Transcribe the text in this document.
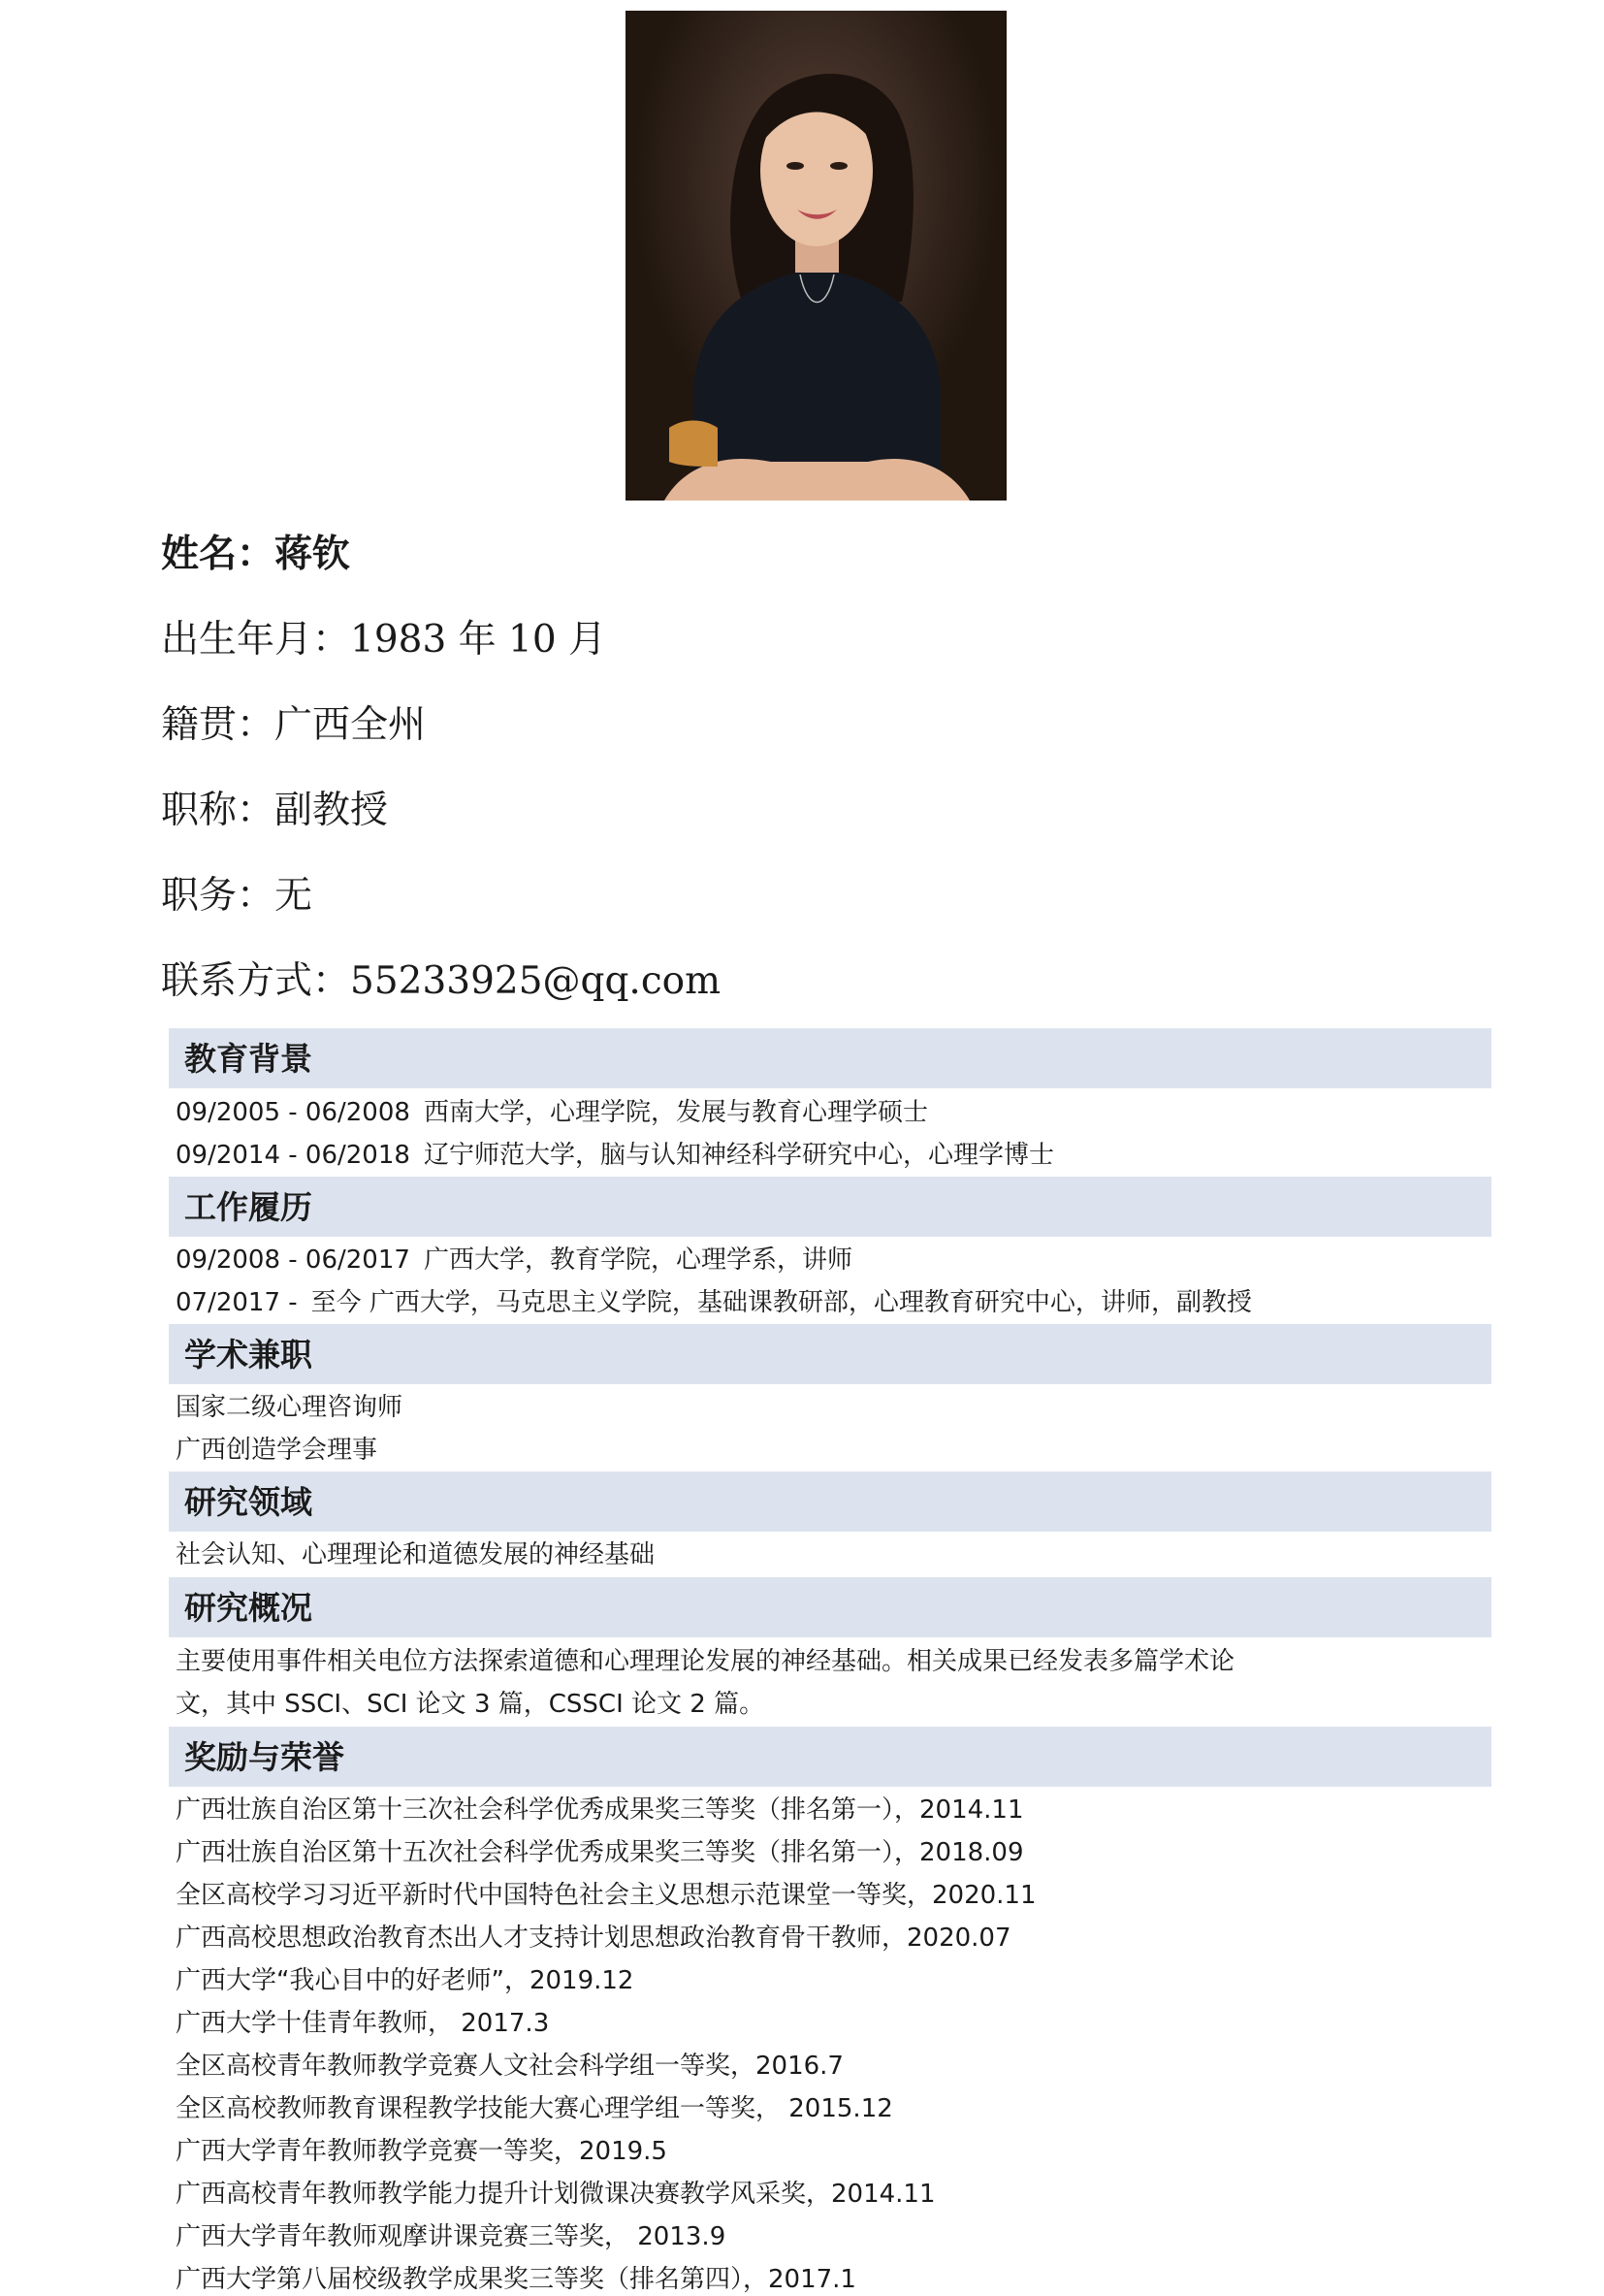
姓名：蒋钦
出生年月：1983 年 10 月
籍贯：广西全州
职称：副教授
职务：无
联系方式：55233925@qq.com
教育背景
09/2005 - 06/2008 西南大学，心理学院，发展与教育心理学硕士
09/2014 - 06/2018 辽宁师范大学，脑与认知神经科学研究中心，心理学博士
工作履历
09/2008 - 06/2017 广西大学，教育学院，心理学系，讲师
07/2017 - 至今 广西大学，马克思主义学院，基础课教研部，心理教育研究中心，讲师，副教授
学术兼职
国家二级心理咨询师
广西创造学会理事
研究领域
社会认知、心理理论和道德发展的神经基础
研究概况
主要使用事件相关电位方法探索道德和心理理论发展的神经基础。相关成果已经发表多篇学术论
文，其中 SSCI、SCI 论文 3 篇，CSSCI 论文 2 篇。
奖励与荣誉
广西壮族自治区第十三次社会科学优秀成果奖三等奖（排名第一），2014.11
广西壮族自治区第十五次社会科学优秀成果奖三等奖（排名第一），2018.09
全区高校学习习近平新时代中国特色社会主义思想示范课堂一等奖，2020.11
广西高校思想政治教育杰出人才支持计划思想政治教育骨干教师，2020.07
广西大学“我心目中的好老师”，2019.12
广西大学十佳青年教师， 2017.3
全区高校青年教师教学竞赛人文社会科学组一等奖，2016.7
全区高校教师教育课程教学技能大赛心理学组一等奖， 2015.12
广西大学青年教师教学竞赛一等奖，2019.5
广西高校青年教师教学能力提升计划微课决赛教学风采奖，2014.11
广西大学青年教师观摩讲课竞赛三等奖， 2013.9
广西大学第八届校级教学成果奖三等奖（排名第四），2017.1
